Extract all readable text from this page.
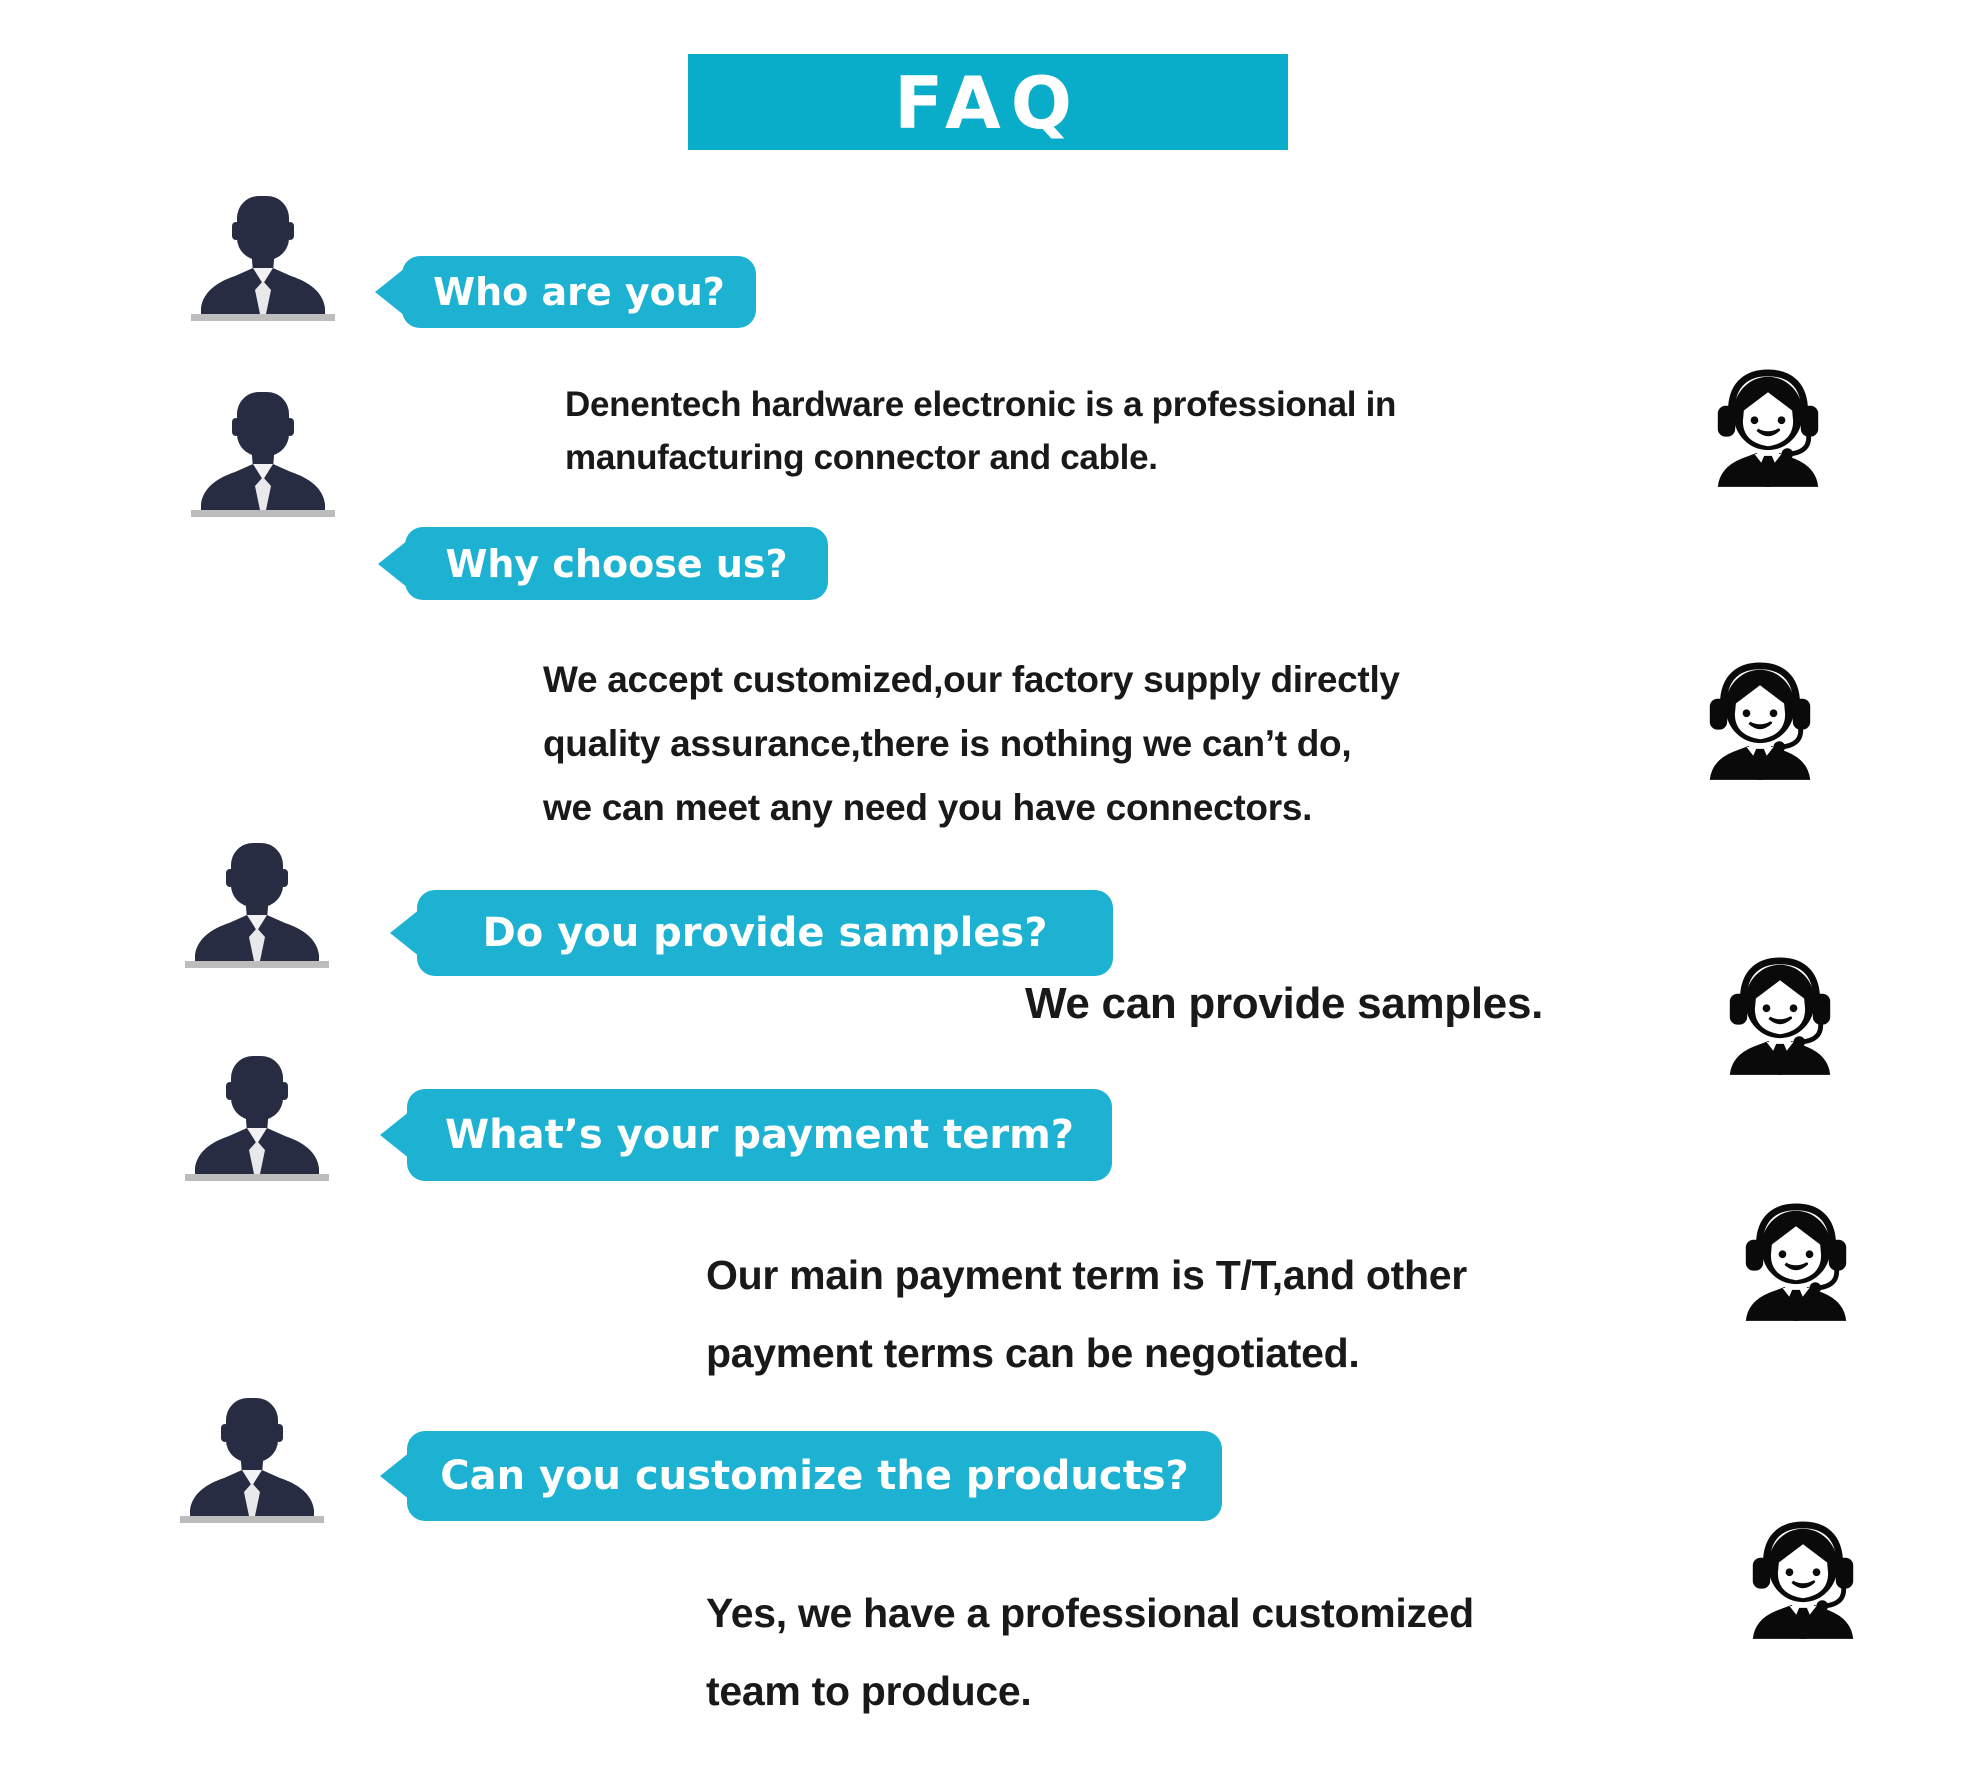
FAQ
Who are you?
Denentech hardware electronic is a professional in
manufacturing connector and cable.
Why choose us?
We accept customized,our factory supply directly
quality assurance,there is nothing we can’t do,
we can meet any need you have connectors.
Do you provide samples?
We can provide samples.
What’s your payment term?
Our main payment term is T/T,and other
payment terms can be negotiated.
Can you customize the products?
Yes, we have a professional customized
team to produce.
